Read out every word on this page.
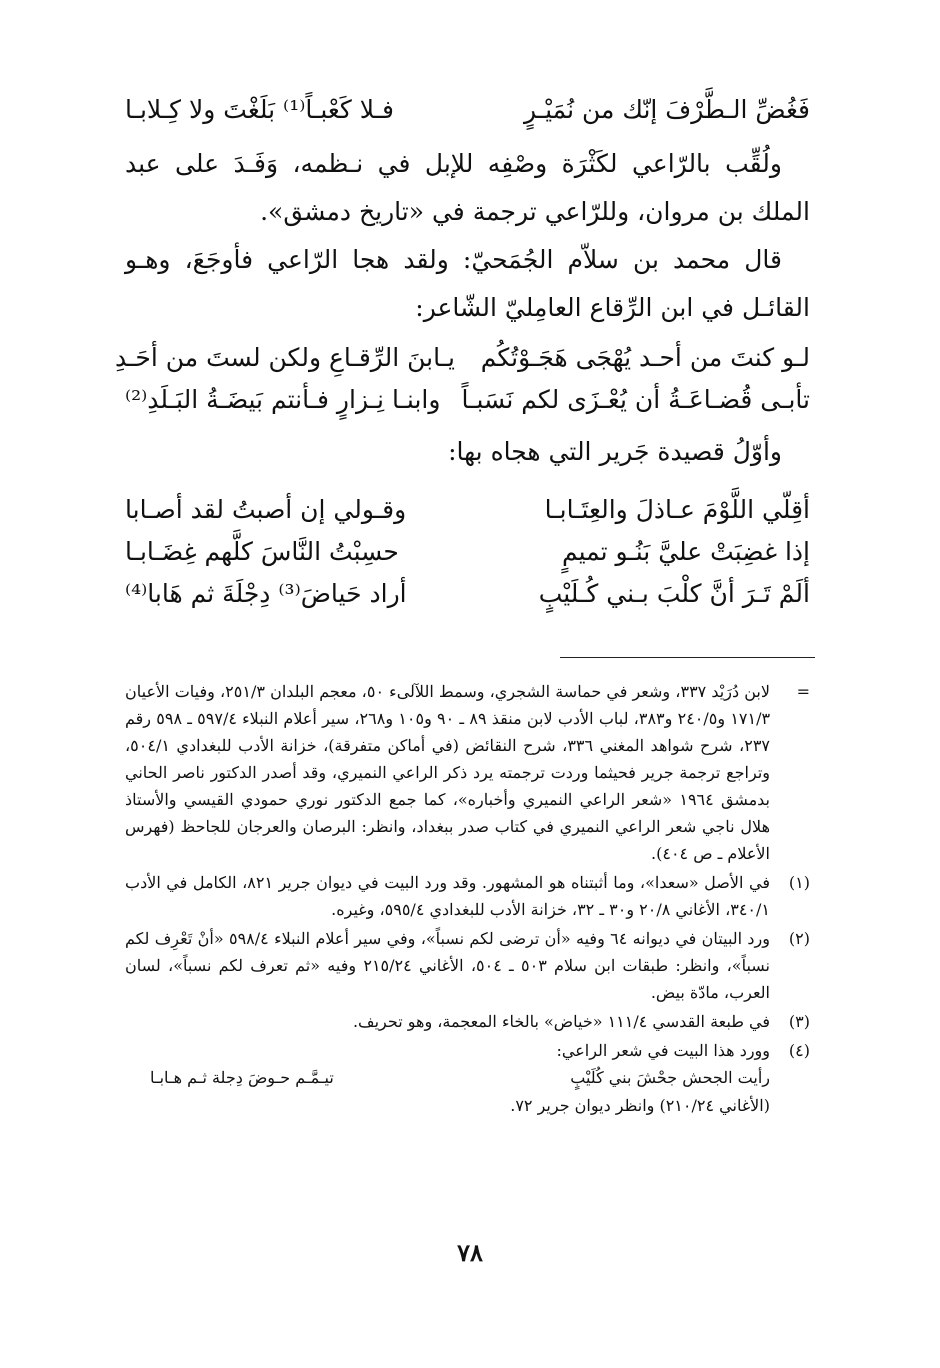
فَغُضِّ الـطَّرْفَ إنّك من نُمَيْـرٍ
فـلا كَعْبـاً⁽¹⁾ بَلَغْتَ ولا كِـلابـا

ولُقِّب بالرّاعي لكَثْرَة وصْفِه للإبل في نـظمه، وَفَـدَ على عبد الملك بن مروان، وللرّاعي ترجمة في «تاريخ دمشق».

قال محمد بن سلاّم الجُمَحيّ: ولقد هجا الرّاعي فأوجَعَ، وهـو القائـل في ابن الرِّقاع العامِليّ الشّاعر:

لـو كنتَ من أحـد يُهْجَى هَجَـوْتُكُم
يـابنَ الرِّقـاعِ ولكن لستَ من أحَـدِ
تأبـى قُضـاعَـةُ أن يُعْـزَى لكم نَسَبـاً
وابنـا نِـزارٍ فـأنتم بَيضَـةُ البَـلَدِ⁽²⁾
وأوّلُ قصيدة جَرير التي هجاه بها:
أقِلّي اللَّوْمَ عـاذلَ والعِتَـابـا
وقـولي إن أصبتُ لقد أصـابا
إذا غضِبَتْ عليَّ بَنُـو تميمٍ
حسِبْتُ النَّاسَ كلَّهم غِضَـابـا
ألَمْ تَـرَ أنَّ كلْبَ بـني كُـلَيْبٍ
أراد حَياضَ⁽³⁾ دِجْلَةَ ثم هَابا⁽⁴⁾
=
لابن دُرَيْد ٣٣٧، وشعر في حماسة الشجري، وسمط اللآلىء ٥٠، معجم البلدان ٢٥١/٣، وفيات الأعيان ١٧١/٣ و٢٤٠/٥ و٣٨٣، لباب الأدب لابن منقذ ٨٩ ـ ٩٠ و١٠٥ و٢٦٨، سير أعلام النبلاء ٥٩٧/٤ ـ ٥٩٨ رقم ٢٣٧، شرح شواهد المغني ٣٣٦، شرح النقائض (في أماكن متفرقة)، خزانة الأدب للبغدادي ٥٠٤/١، وتراجع ترجمة جرير فحيثما وردت ترجمته يرد ذكر الراعي النميري، وقد أصدر الدكتور ناصر الحاني بدمشق ١٩٦٤ «شعر الراعي النميري وأخباره»، كما جمع الدكتور نوري حمودي القيسي والأستاذ هلال ناجي شعر الراعي النميري في كتاب صدر ببغداد، وانظر: البرصان والعرجان للجاحظ (فهرس الأعلام ـ ص ٤٠٤).
(١)
في الأصل «سعدا»، وما أثبتناه هو المشهور. وقد ورد البيت في ديوان جرير ٨٢١، الكامل في الأدب ٣٤٠/١، الأغاني ٢٠/٨ و٣٠ ـ ٣٢، خزانة الأدب للبغدادي ٥٩٥/٤، وغيره.
(٢)
ورد البيتان في ديوانه ٦٤ وفيه «أن ترضى لكم نسباً»، وفي سير أعلام النبلاء ٥٩٨/٤ «أنْ تَعْرِف لكم نسباً»، وانظر: طبقات ابن سلام ٥٠٣ ـ ٥٠٤، الأغاني ٢١٥/٢٤ وفيه «ثم تعرف لكم نسباً»، لسان العرب، مادّة بيض.
(٣)
في طبعة القدسي ١١١/٤ «خياض» بالخاء المعجمة، وهو تحريف.
(٤)
وورد هذا البيت في شعر الراعي:
رأيت الجحش جحْشَ بني كُلَيْبٍ
تيـمَّـم حـوضَ دِجلة ثـم هـابـا
(الأغاني ٢١٠/٢٤) وانظر ديوان جرير ٧٢.
٧٨
